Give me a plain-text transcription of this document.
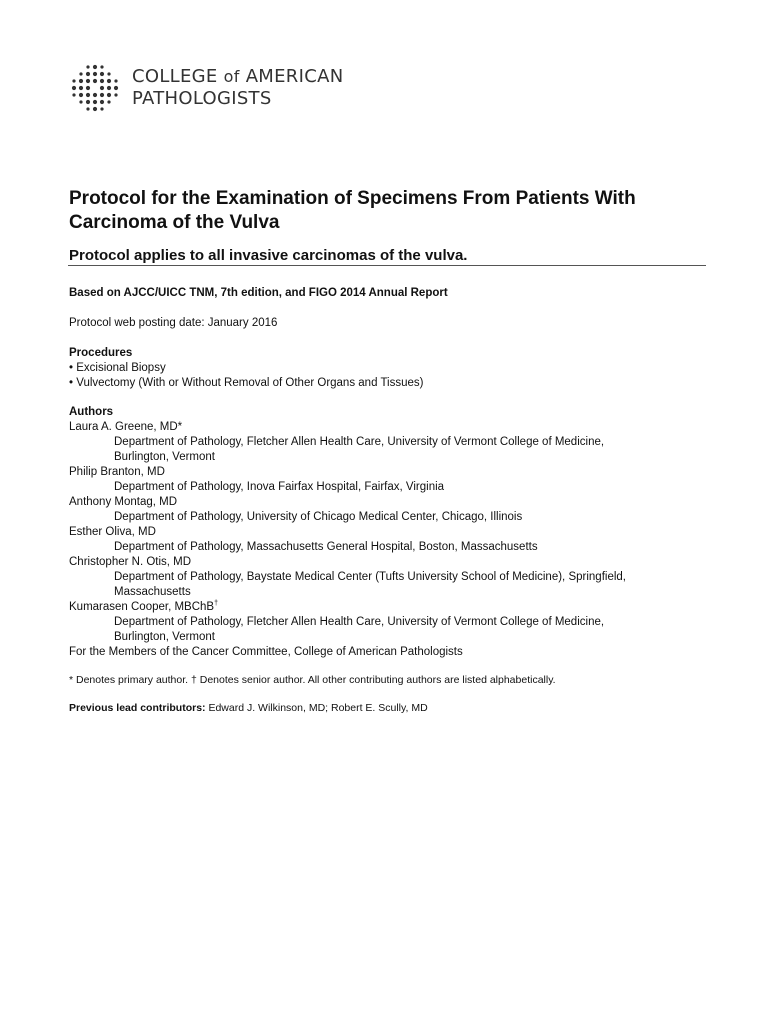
COLLEGE of AMERICAN
PATHOLOGISTS
Protocol for the Examination of Specimens From Patients With
Carcinoma of the Vulva
Protocol applies to all invasive carcinomas of the vulva.
Based on AJCC/UICC TNM, 7th edition, and FIGO 2014 Annual Report
Protocol web posting date: January 2016
Procedures
• Excisional Biopsy
• Vulvectomy (With or Without Removal of Other Organs and Tissues)
Authors
Laura A. Greene, MD*
Department of Pathology, Fletcher Allen Health Care, University of Vermont College of Medicine,
Burlington, Vermont
Philip Branton, MD
Department of Pathology, Inova Fairfax Hospital, Fairfax, Virginia
Anthony Montag, MD
Department of Pathology, University of Chicago Medical Center, Chicago, Illinois
Esther Oliva, MD
Department of Pathology, Massachusetts General Hospital, Boston, Massachusetts
Christopher N. Otis, MD
Department of Pathology, Baystate Medical Center (Tufts University School of Medicine), Springfield,
Massachusetts
Kumarasen Cooper, MBChB†
Department of Pathology, Fletcher Allen Health Care, University of Vermont College of Medicine,
Burlington, Vermont
For the Members of the Cancer Committee, College of American Pathologists
* Denotes primary author. † Denotes senior author. All other contributing authors are listed alphabetically.
Previous lead contributors: Edward J. Wilkinson, MD; Robert E. Scully, MD
